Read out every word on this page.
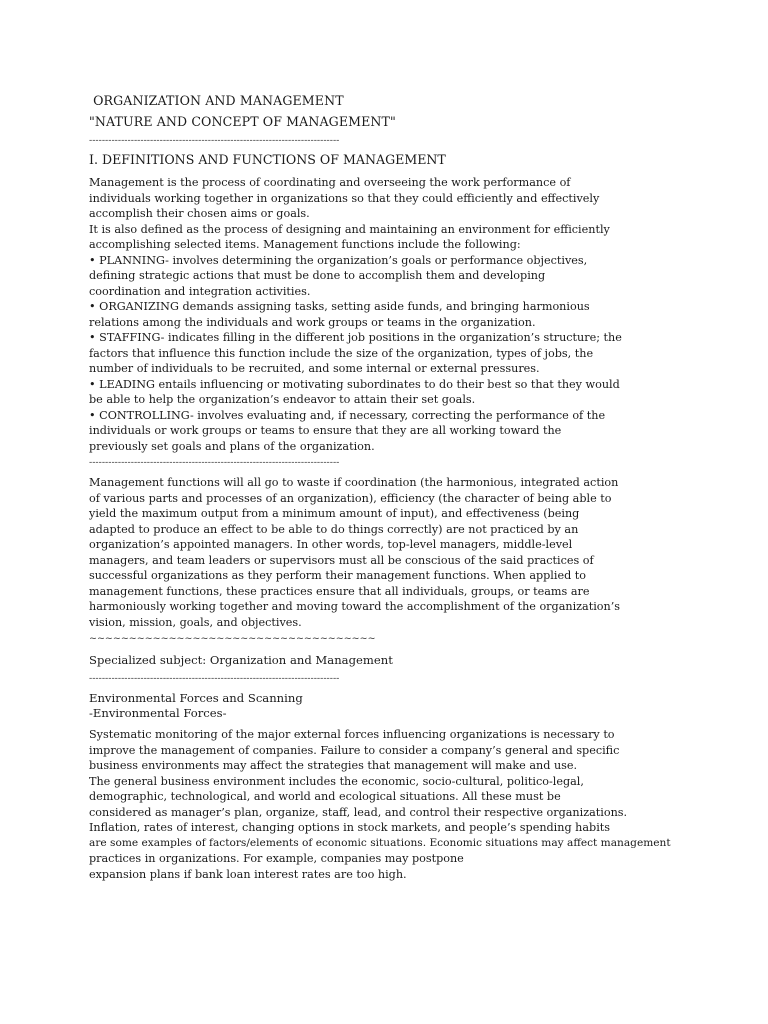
ORGANIZATION AND MANAGEMENT
"NATURE AND CONCEPT OF MANAGEMENT"
------------------------------------------------------------------------------
I. DEFINITIONS AND FUNCTIONS OF MANAGEMENT
Management is the process of coordinating and overseeing the work performance of
individuals working together in organizations so that they could efficiently and effectively
accomplish their chosen aims or goals.
It is also defined as the process of designing and maintaining an environment for efficiently
accomplishing selected items. Management functions include the following:
• PLANNING- involves determining the organization’s goals or performance objectives,
defining strategic actions that must be done to accomplish them and developing
coordination and integration activities.
• ORGANIZING demands assigning tasks, setting aside funds, and bringing harmonious
relations among the individuals and work groups or teams in the organization.
• STAFFING- indicates filling in the different job positions in the organization’s structure; the
factors that influence this function include the size of the organization, types of jobs, the
number of individuals to be recruited, and some internal or external pressures.
• LEADING entails influencing or motivating subordinates to do their best so that they would
be able to help the organization’s endeavor to attain their set goals.
• CONTROLLING- involves evaluating and, if necessary, correcting the performance of the
individuals or work groups or teams to ensure that they are all working toward the
previously set goals and plans of the organization.
------------------------------------------------------------------------------
Management functions will all go to waste if coordination (the harmonious, integrated action
of various parts and processes of an organization), efficiency (the character of being able to
yield the maximum output from a minimum amount of input), and effectiveness (being
adapted to produce an effect to be able to do things correctly) are not practiced by an
organization’s appointed managers. In other words, top-level managers, middle-level
managers, and team leaders or supervisors must all be conscious of the said practices of
successful organizations as they perform their management functions. When applied to
management functions, these practices ensure that all individuals, groups, or teams are
harmoniously working together and moving toward the accomplishment of the organization’s
vision, mission, goals, and objectives.
~~~~~~~~~~~~~~~~~~~~~~~~~~~~~~~~~~~~
Specialized subject: Organization and Management
------------------------------------------------------------------------------
Environmental Forces and Scanning
-Environmental Forces-
Systematic monitoring of the major external forces influencing organizations is necessary to
improve the management of companies. Failure to consider a company’s general and specific
business environments may affect the strategies that management will make and use.
The general business environment includes the economic, socio-cultural, politico-legal,
demographic, technological, and world and ecological situations. All these must be
considered as manager’s plan, organize, staff, lead, and control their respective organizations.
Inflation, rates of interest, changing options in stock markets, and people’s spending habits
are some examples of factors/elements of economic situations. Economic situations may affect management
practices in organizations. For example, companies may postpone
expansion plans if bank loan interest rates are too high.
